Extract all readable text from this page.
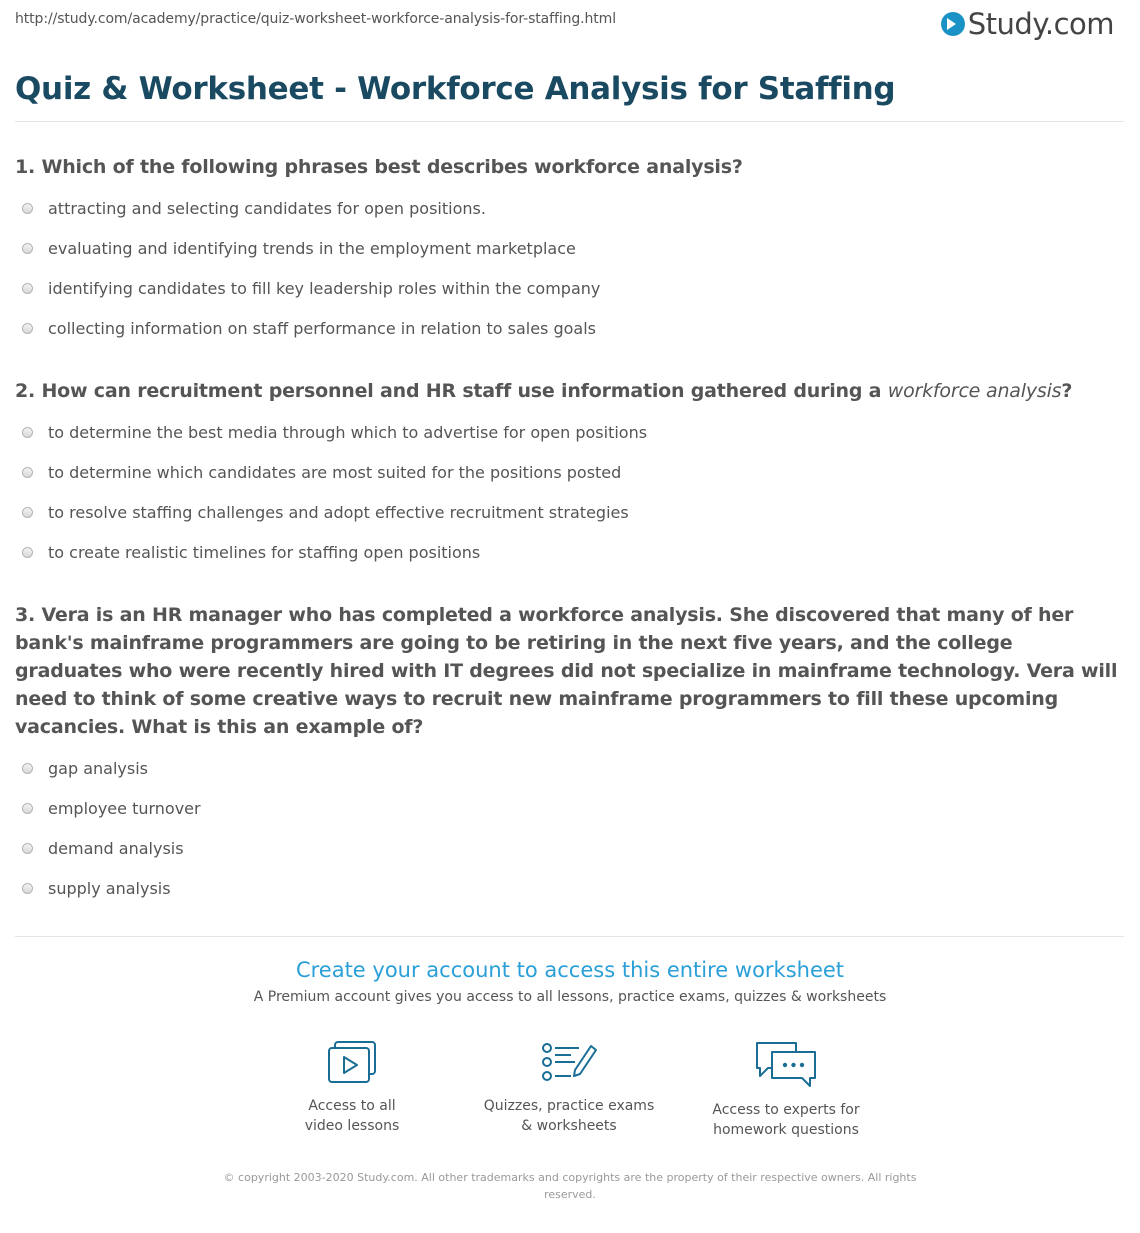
http://study.com/academy/practice/quiz-worksheet-workforce-analysis-for-staffing.html	Study.com
Quiz & Worksheet - Workforce Analysis for Staffing
1. Which of the following phrases best describes workforce analysis?
attracting and selecting candidates for open positions.
evaluating and identifying trends in the employment marketplace
identifying candidates to fill key leadership roles within the company
collecting information on staff performance in relation to sales goals
2. How can recruitment personnel and HR staff use information gathered during a workforce analysis?
to determine the best media through which to advertise for open positions
to determine which candidates are most suited for the positions posted
to resolve staffing challenges and adopt effective recruitment strategies
to create realistic timelines for staffing open positions
3. Vera is an HR manager who has completed a workforce analysis. She discovered that many of her bank's mainframe programmers are going to be retiring in the next five years, and the college graduates who were recently hired with IT degrees did not specialize in mainframe technology. Vera will need to think of some creative ways to recruit new mainframe programmers to fill these upcoming vacancies. What is this an example of?
gap analysis
employee turnover
demand analysis
supply analysis
Create your account to access this entire worksheet
A Premium account gives you access to all lessons, practice exams, quizzes & worksheets
Access to all
video lessons
Quizzes, practice exams
& worksheets
Access to experts for
homework questions
© copyright 2003-2020 Study.com. All other trademarks and copyrights are the property of their respective owners. All rights reserved.
